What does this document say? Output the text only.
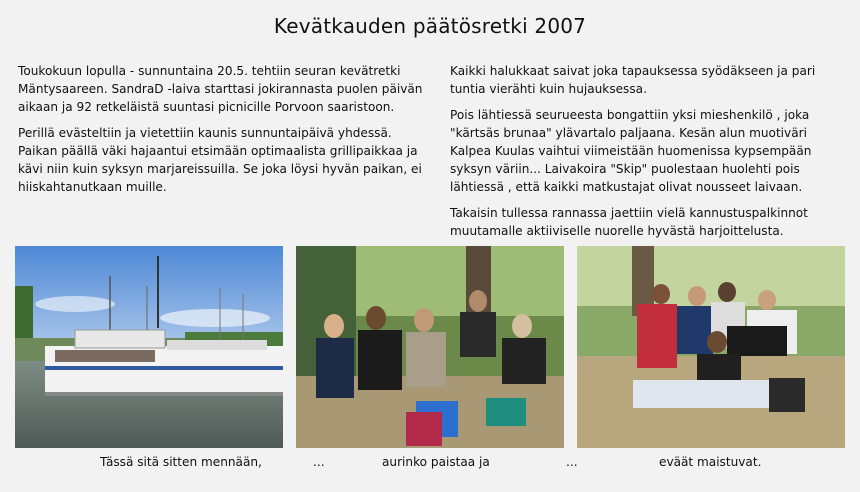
Kevätkauden päätösretki 2007

Toukokuun lopulla - sunnuntaina 20.5. tehtiin seuran kevätretki Mäntysaareen. SandraD -laiva starttasi jokirannasta puolen päivän aikaan ja 92 retkeläistä suuntasi picnicille Porvoon saaristoon.

Perillä evästeltiin ja vietettiin kaunis sunnuntaipäivä yhdessä. Paikan päällä väki hajaantui etsimään optimaalista grillipaikkaa ja kävi niin kuin syksyn marjareissuilla. Se joka löysi hyvän paikan, ei hiiskahtanutkaan muille.

Kaikki halukkaat saivat joka tapauksessa syödäkseen ja pari tuntia vierähti kuin hujauksessa.

Pois lähtiessä seurueesta bongattiin yksi mieshenkilö , joka "kärtsäs brunaa" ylävartalo paljaana. Kesän alun muotiväri Kalpea Kuulas vaihtui viimeistään huomenissa kypsempään syksyn väriin... Laivakoira "Skip" puolestaan huolehti pois lähtiessä , että kaikki matkustajat olivat nousseet laivaan.

Takaisin tullessa rannassa jaettiin vielä kannustuspalkinnot muutamalle aktiiviselle nuorelle hyvästä harjoittelusta.

Tässä sitä sitten mennään,	...	aurinko paistaa ja	...	eväät maistuvat.
